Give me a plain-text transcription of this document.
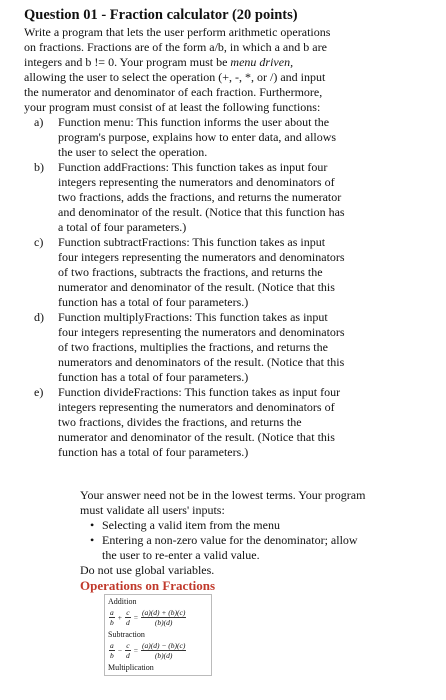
Question 01 - Fraction calculator (20 points)
Write a program that lets the user perform arithmetic operations
on fractions. Fractions are of the form a/b, in which a and b are
integers and b != 0. Your program must be menu driven,
allowing the user to select the operation (+, -, *, or /) and input
the numerator and denominator of each fraction. Furthermore,
your program must consist of at least the following functions:
a) Function menu: This function informs the user about the
program's purpose, explains how to enter data, and allows
the user to select the operation.
b) Function addFractions: This function takes as input four
integers representing the numerators and denominators of
two fractions, adds the fractions, and returns the numerator
and denominator of the result. (Notice that this function has
a total of four parameters.)
c) Function subtractFractions: This function takes as input
four integers representing the numerators and denominators
of two fractions, subtracts the fractions, and returns the
numerator and denominator of the result. (Notice that this
function has a total of four parameters.)
d) Function multiplyFractions: This function takes as input
four integers representing the numerators and denominators
of two fractions, multiplies the fractions, and returns the
numerators and denominators of the result. (Notice that this
function has a total of four parameters.)
e) Function divideFractions: This function takes as input four
integers representing the numerators and denominators of
two fractions, divides the fractions, and returns the
numerator and denominator of the result. (Notice that this
function has a total of four parameters.)
Your answer need not be in the lowest terms. Your program
must validate all users' inputs:
• Selecting a valid item from the menu
• Entering a non-zero value for the denominator; allow
the user to re-enter a valid value.
Do not use global variables.
Operations on Fractions
Addition
$\frac{a}{b} + \frac{c}{d} = \frac{(a)(d) + (b)(c)}{(b)(d)}$
Subtraction
$\frac{a}{b} - \frac{c}{d} = \frac{(a)(d) - (b)(c)}{(b)(d)}$
Multiplication
